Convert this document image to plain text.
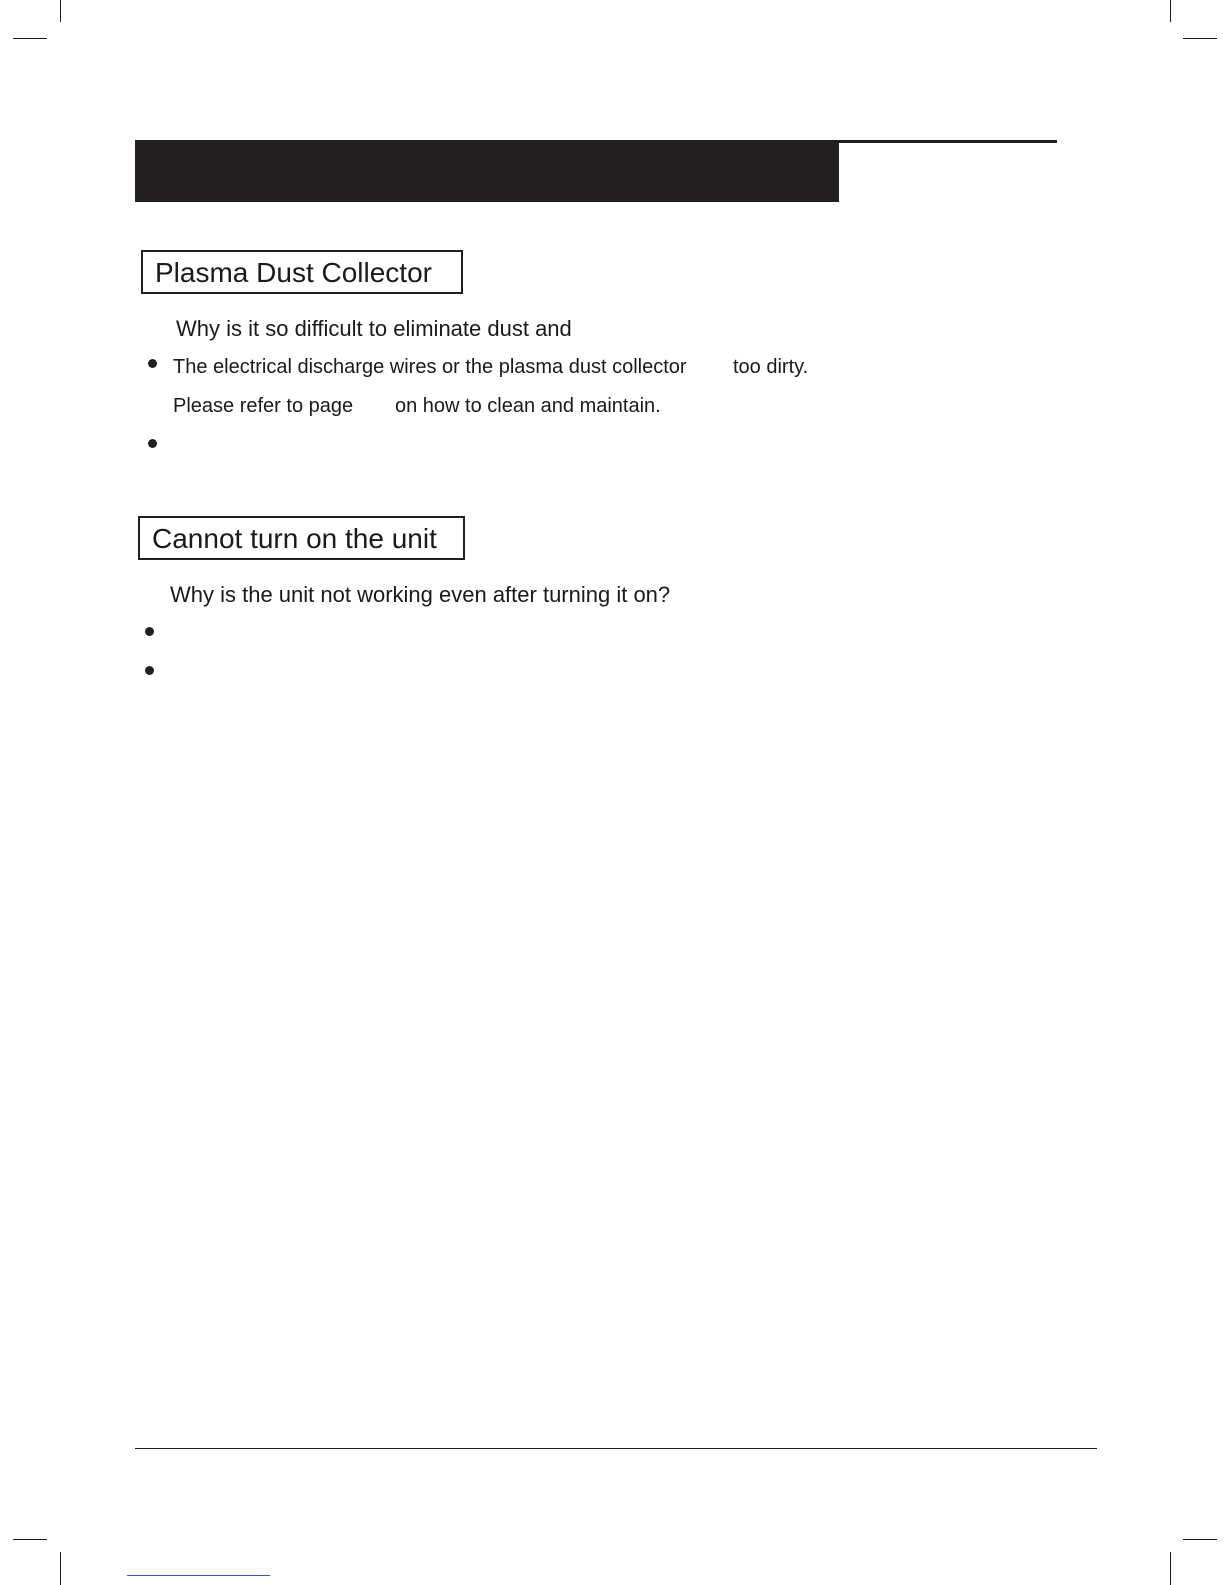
Plasma Dust Collector
Why is it so difficult to eliminate dust and
The electrical discharge wires or the plasma dust collector too dirty.
Please refer to page on how to clean and maintain.
Cannot turn on the unit
Why is the unit not working even after turning it on?
